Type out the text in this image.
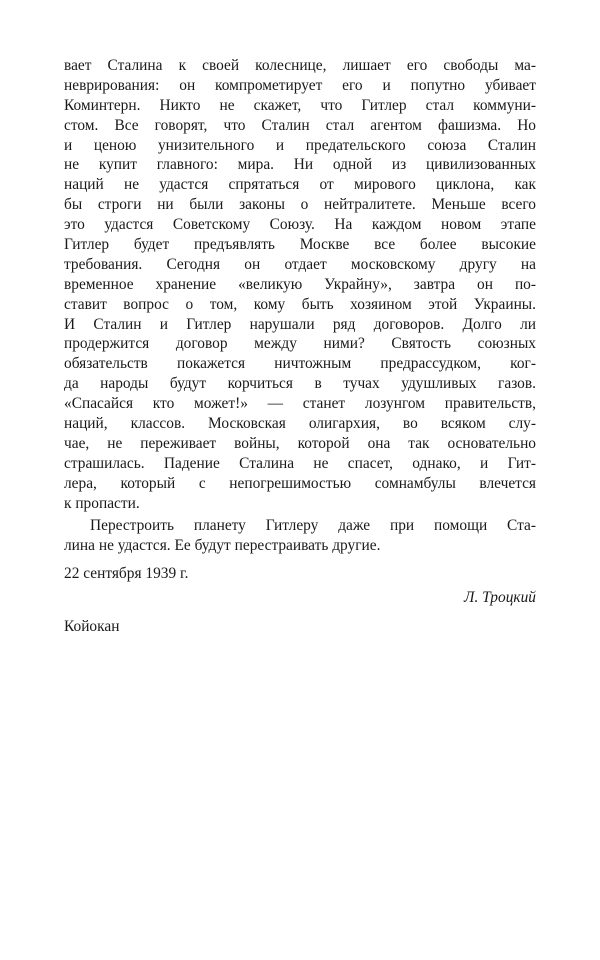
вает Сталина к своей колеснице, лишает его свободы ма-
неврирования: он компрометирует его и попутно убивает
Коминтерн. Никто не скажет, что Гитлер стал коммуни-
стом. Все говорят, что Сталин стал агентом фашизма. Но
и ценою унизительного и предательского союза Сталин
не купит главного: мира. Ни одной из цивилизованных
наций не удастся спрятаться от мирового циклона, как
бы строги ни были законы о нейтралитете. Меньше всего
это удастся Советскому Союзу. На каждом новом этапе
Гитлер будет предъявлять Москве все более высокие
требования. Сегодня он отдает московскому другу на
временное хранение «великую Украйну», завтра он по-
ставит вопрос о том, кому быть хозяином этой Украины.
И Сталин и Гитлер нарушали ряд договоров. Долго ли
продержится договор между ними? Святость союзных
обязательств покажется ничтожным предрассудком, ког-
да народы будут корчиться в тучах удушливых газов.
«Спасайся кто может!» — станет лозунгом правительств,
наций, классов. Московская олигархия, во всяком слу-
чае, не переживает войны, которой она так основательно
страшилась. Падение Сталина не спасет, однако, и Гит-
лера, который с непогрешимостью сомнамбулы влечется
к пропасти.
Перестроить планету Гитлеру даже при помощи Ста-
лина не удастся. Ее будут перестраивать другие.
22 сентября 1939 г.
Л. Троцкий
Койокан
